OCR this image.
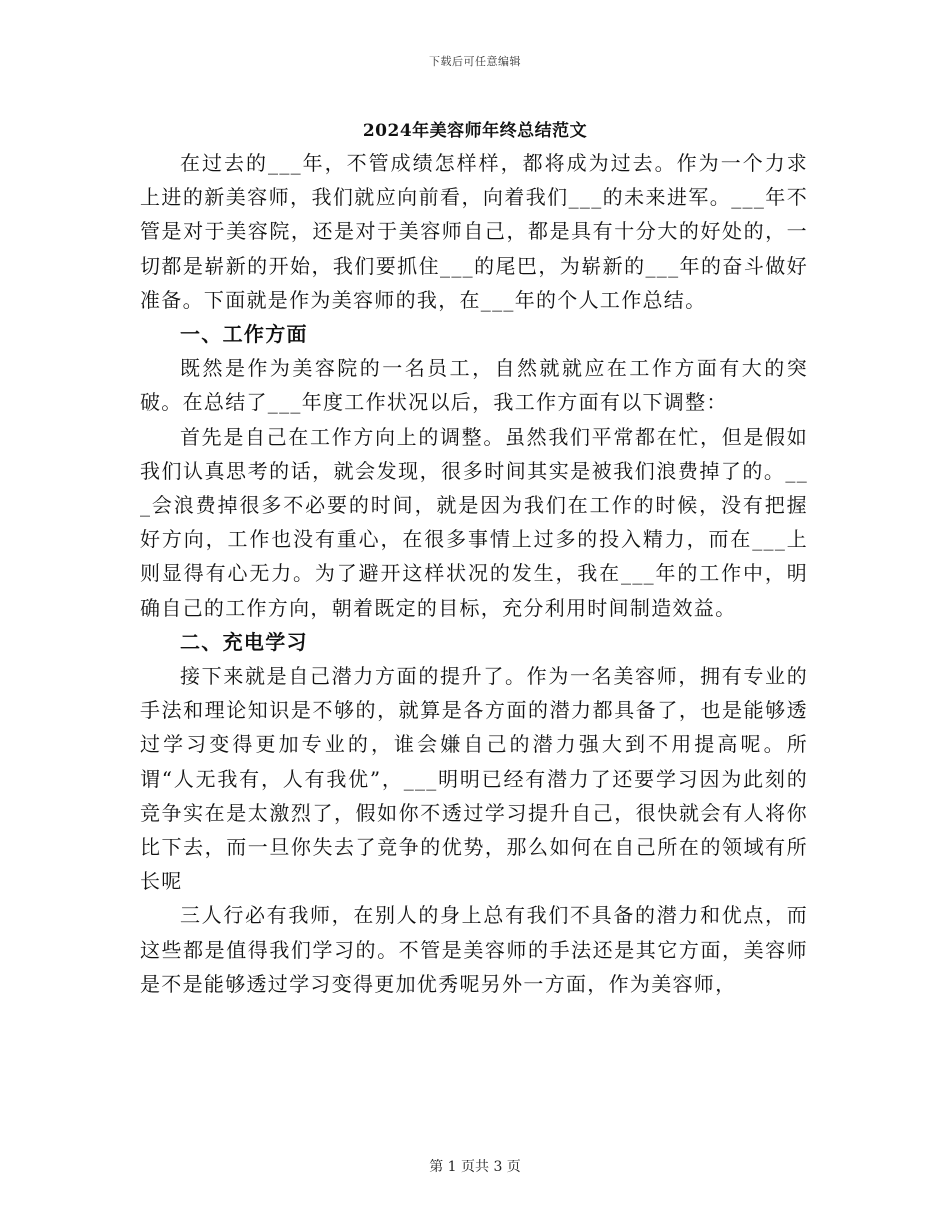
下载后可任意编辑
2024年美容师年终总结范文

在过去的___年，不管成绩怎样样，都将成为过去。作为一个力求上进的新美容师，我们就应向前看，向着我们___的未来进军。___年不管是对于美容院，还是对于美容师自己，都是具有十分大的好处的，一切都是崭新的开始，我们要抓住___的尾巴，为崭新的___年的奋斗做好准备。下面就是作为美容师的我，在___年的个人工作总结。

一、工作方面

既然是作为美容院的一名员工，自然就就应在工作方面有大的突破。在总结了___年度工作状况以后，我工作方面有以下调整：

首先是自己在工作方向上的调整。虽然我们平常都在忙，但是假如我们认真思考的话，就会发现，很多时间其实是被我们浪费掉了的。___会浪费掉很多不必要的时间，就是因为我们在工作的时候，没有把握好方向，工作也没有重心，在很多事情上过多的投入精力，而在___上则显得有心无力。为了避开这样状况的发生，我在___年的工作中，明确自己的工作方向，朝着既定的目标，充分利用时间制造效益。

二、充电学习

接下来就是自己潜力方面的提升了。作为一名美容师，拥有专业的手法和理论知识是不够的，就算是各方面的潜力都具备了，也是能够透过学习变得更加专业的，谁会嫌自己的潜力强大到不用提高呢。所谓“人无我有，人有我优”，___明明已经有潜力了还要学习因为此刻的竞争实在是太激烈了，假如你不透过学习提升自己，很快就会有人将你比下去，而一旦你失去了竞争的优势，那么如何在自己所在的领域有所长呢

三人行必有我师，在别人的身上总有我们不具备的潜力和优点，而这些都是值得我们学习的。不管是美容师的手法还是其它方面，美容师是不是能够透过学习变得更加优秀呢另外一方面，作为美容师，

第 1 页共 3 页
